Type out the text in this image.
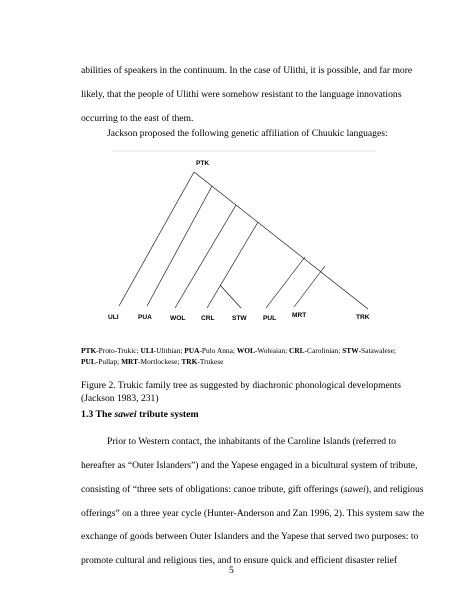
abilities of speakers in the continuum. In the case of Ulithi, it is possible, and far more
likely, that the people of Ulithi were somehow resistant to the language innovations
occurring to the east of them.
Jackson proposed the following genetic affiliation of Chuukic languages:
PTK
ULI	PUA	WOL CRL	STW PUL MRT	TRK
PTK-Proto-Trukic; ULI-Ulithian; PUA-Pulo Anna; WOL-Woleaian; CRL-Carolinian; STW-Satawalese;
PUL-Pullap; MRT-Mortlockese; TRK-Trukese
Figure 2. Trukic family tree as suggested by diachronic phonological developments
(Jackson 1983, 231)
1.3 The sawei tribute system
Prior to Western contact, the inhabitants of the Caroline Islands (referred to
hereafter as “Outer Islanders”) and the Yapese engaged in a bicultural system of tribute,
consisting of “three sets of obligations: canoe tribute, gift offerings (sawei), and religious
offerings” on a three year cycle (Hunter-Anderson and Zan 1996, 2). This system saw the
exchange of goods between Outer Islanders and the Yapese that served two purposes: to
promote cultural and religious ties, and to ensure quick and efficient disaster relief
5
